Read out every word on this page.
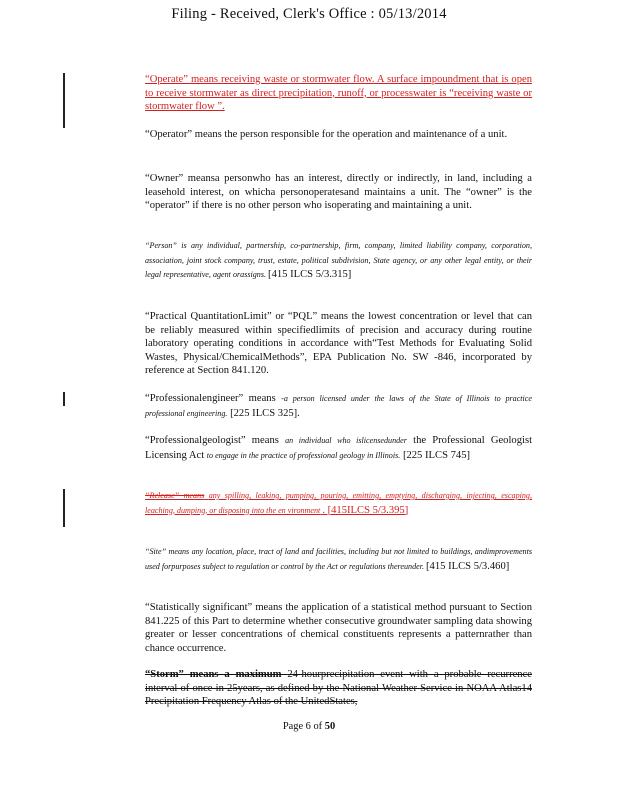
Filing - Received, Clerk's Office : 05/13/2014

“Operate” means receiving waste or stormwater flow. A surface impoundment that is open to receive stormwater as direct precipitation, runoff, or processwater is “receiving waste or stormwater flow ”.

“Operator” means the person responsible for the operation and maintenance of a unit.

“Owner” meansa personwho has an interest, directly or indirectly, in land, including a leasehold interest, on whicha personoperatesand maintains a unit. The “owner” is the “operator” if there is no other person who isoperating and maintaining a unit.

“Person” is any individual, partnership, co-partnership, firm, company, limited liability company, corporation, association, joint stock company, trust, estate, political subdivision, State agency, or any other legal entity, or their legal representative, agent orassigns. [415 ILCS 5/3.315]

“Practical QuantitationLimit” or “PQL” means the lowest concentration or level that can be reliably measured within specifiedlimits of precision and accuracy during routine laboratory operating conditions in accordance with“Test Methods for Evaluating Solid Wastes, Physical/ChemicalMethods”, EPA Publication No. SW -846, incorporated by reference at Section 841.120.

“Professionalengineer” means -a person licensed under the laws of the State of Illinois to practice professional engineering. [225 ILCS 325].

“Professionalgeologist” means an individual who islicensedunder the Professional Geologist Licensing Act to engage in the practice of professional geology in Illinois. [225 ILCS 745]

“Release” means any spilling, leaking, pumping, pouring, emitting, emptying, discharging, injecting, escaping, leaching, dumping, or disposing into the en vironment . [415ILCS 5/3.395]

“Site” means any location, place, tract of land and facilities, including but not limited to buildings, andimprovements used forpurposes subject to regulation or control by the Act or regulations thereunder. [415 ILCS 5/3.460]

“Statistically significant” means the application of a statistical method pursuant to Section 841.225 of this Part to determine whether consecutive groundwater sampling data showing greater or lesser concentrations of chemical constituents represents a patternrather than chance occurrence.

“Storm” means a maximum 24-hourprecipitation event with a probable recurrence interval of once in 25years, as defined by the National Weather Service in NOAA Atlas14 Precipitation Frequency Atlas of the UnitedStates,

Page 6 of 50
